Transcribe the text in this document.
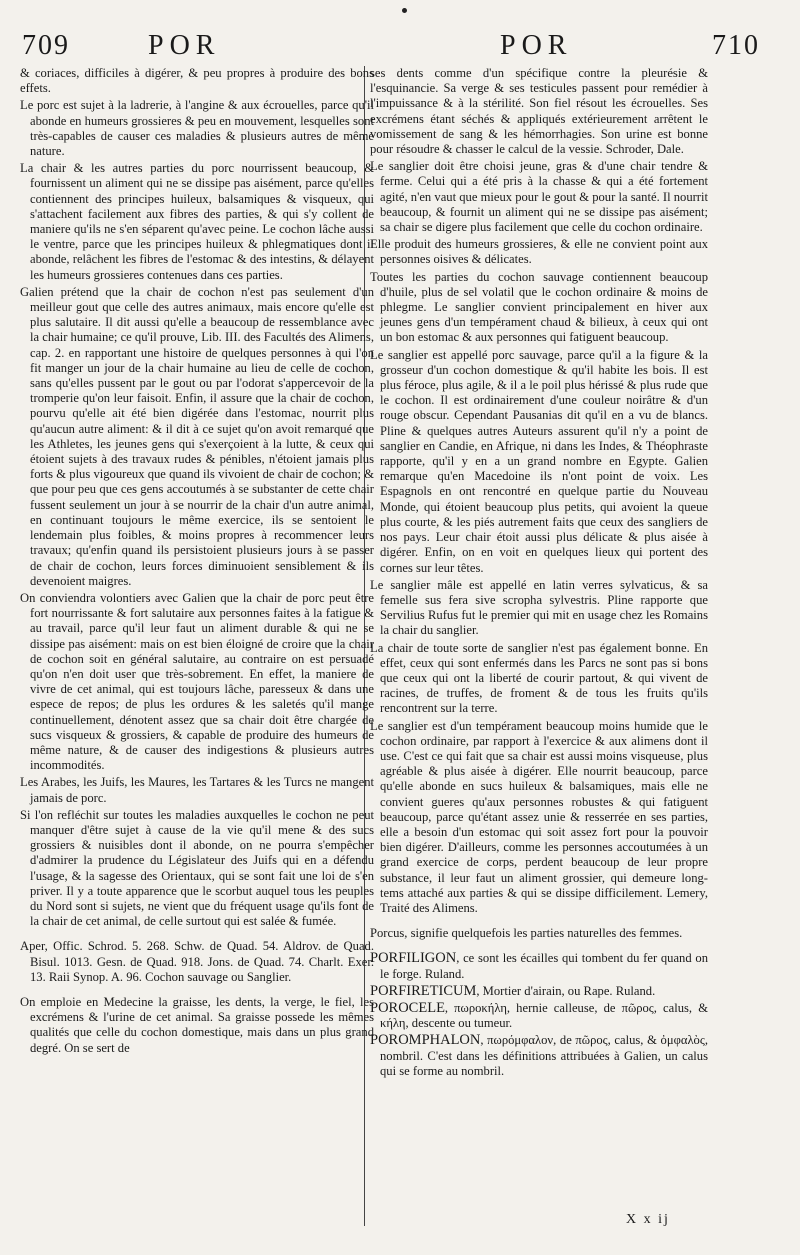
709	POR	POR	710

& coriaces, difficiles à digérer, & peu propres à produire des bons effets.

Le porc est sujet à la ladrerie, à l'angine & aux écrouelles, parce qu'il abonde en humeurs grossieres & peu en mouvement, lesquelles sont très-capables de causer ces maladies & plusieurs autres de même nature.

La chair & les autres parties du porc nourrissent beaucoup, & fournissent un aliment qui ne se dissipe pas aisément, parce qu'elles contiennent des principes huileux, balsamiques & visqueux, qui s'attachent facilement aux fibres des parties, & qui s'y collent de maniere qu'ils ne s'en séparent qu'avec peine. Le cochon lâche aussi le ventre, parce que les principes huileux & phlegmatiques dont il abonde, relâchent les fibres de l'estomac & des intestins, & délayent les humeurs grossieres contenues dans ces parties.

Galien prétend que la chair de cochon n'est pas seulement d'un meilleur gout que celle des autres animaux, mais encore qu'elle est plus salutaire. Il dit aussi qu'elle a beaucoup de ressemblance avec la chair humaine; ce qu'il prouve, Lib. III. des Facultés des Alimens, cap. 2. en rapportant une histoire de quelques personnes à qui l'on fit manger un jour de la chair humaine au lieu de celle de cochon, sans qu'elles pussent par le gout ou par l'odorat s'appercevoir de la tromperie qu'on leur faisoit. Enfin, il assure que la chair de cochon, pourvu qu'elle ait été bien digérée dans l'estomac, nourrit plus qu'aucun autre aliment: & il dit à ce sujet qu'on avoit remarqué que les Athletes, les jeunes gens qui s'exerçoient à la lutte, & ceux qui étoient sujets à des travaux rudes & pénibles, n'étoient jamais plus forts & plus vigoureux que quand ils vivoient de chair de cochon; & que pour peu que ces gens accoutumés à se substanter de cette chair fussent seulement un jour à se nourrir de la chair d'un autre animal, en continuant toujours le même exercice, ils se sentoient le lendemain plus foibles, & moins propres à recommencer leurs travaux; qu'enfin quand ils persistoient plusieurs jours à se passer de chair de cochon, leurs forces diminuoient sensiblement & ils devenoient maigres.

On conviendra volontiers avec Galien que la chair de porc peut être fort nourrissante & fort salutaire aux personnes faites à la fatigue & au travail, parce qu'il leur faut un aliment durable & qui ne se dissipe pas aisément: mais on est bien éloigné de croire que la chair de cochon soit en général salutaire, au contraire on est persuadé qu'on n'en doit user que très-sobrement. En effet, la maniere de vivre de cet animal, qui est toujours lâche, paresseux & dans une espece de repos; de plus les ordures & les saletés qu'il mange continuellement, dénotent assez que sa chair doit être chargée de sucs visqueux & grossiers, & capable de produire des humeurs de même nature, & de causer des indigestions & plusieurs autres incommodités.

Les Arabes, les Juifs, les Maures, les Tartares & les Turcs ne mangent jamais de porc.

Si l'on refléchit sur toutes les maladies auxquelles le cochon ne peut manquer d'être sujet à cause de la vie qu'il mene & des sucs grossiers & nuisibles dont il abonde, on ne pourra s'empêcher d'admirer la prudence du Législateur des Juifs qui en a défendu l'usage, & la sagesse des Orientaux, qui se sont fait une loi de s'en priver. Il y a toute apparence que le scorbut auquel tous les peuples du Nord sont si sujets, ne vient que du fréquent usage qu'ils font de la chair de cet animal, de celle surtout qui est salée & fumée.

Aper, Offic. Schrod. 5. 268. Schw. de Quad. 54. Aldrov. de Quad. Bisul. 1013. Gesn. de Quad. 918. Jons. de Quad. 74. Charlt. Exer. 13. Raii Synop. A. 96. Cochon sauvage ou Sanglier.

On emploie en Medecine la graisse, les dents, la verge, le fiel, les excrémens & l'urine de cet animal. Sa graisse possede les mêmes qualités que celle du cochon domestique, mais dans un plus grand degré. On se sert de

ses dents comme d'un spécifique contre la pleurésie & l'esquinancie. Sa verge & ses testicules passent pour remédier à l'impuissance & à la stérilité. Son fiel résout les écrouelles. Ses excrémens étant séchés & appliqués extérieurement arrêtent le vomissement de sang & les hémorrhagies. Son urine est bonne pour résoudre & chasser le calcul de la vessie. Schroder, Dale.

Le sanglier doit être choisi jeune, gras & d'une chair tendre & ferme. Celui qui a été pris à la chasse & qui a été fortement agité, n'en vaut que mieux pour le gout & pour la santé. Il nourrit beaucoup, & fournit un aliment qui ne se dissipe pas aisément; sa chair se digere plus facilement que celle du cochon ordinaire.

Elle produit des humeurs grossieres, & elle ne convient point aux personnes oisives & délicates.

Toutes les parties du cochon sauvage contiennent beaucoup d'huile, plus de sel volatil que le cochon ordinaire & moins de phlegme. Le sanglier convient principalement en hiver aux jeunes gens d'un tempérament chaud & bilieux, à ceux qui ont un bon estomac & aux personnes qui fatiguent beaucoup.

Le sanglier est appellé porc sauvage, parce qu'il a la figure & la grosseur d'un cochon domestique & qu'il habite les bois. Il est plus féroce, plus agile, & il a le poil plus hérissé & plus rude que le cochon. Il est ordinairement d'une couleur noirâtre & d'un rouge obscur. Cependant Pausanias dit qu'il en a vu de blancs. Pline & quelques autres Auteurs assurent qu'il n'y a point de sanglier en Candie, en Afrique, ni dans les Indes, & Théophraste rapporte, qu'il y en a un grand nombre en Egypte. Galien remarque qu'en Macedoine ils n'ont point de voix. Les Espagnols en ont rencontré en quelque partie du Nouveau Monde, qui étoient beaucoup plus petits, qui avoient la queue plus courte, & les piés autrement faits que ceux des sangliers de nos pays. Leur chair étoit aussi plus délicate & plus aisée à digérer. Enfin, on en voit en quelques lieux qui portent des cornes sur leur têtes.

Le sanglier mâle est appellé en latin verres sylvaticus, & sa femelle sus fera sive scropha sylvestris. Pline rapporte que Servilius Rufus fut le premier qui mit en usage chez les Romains la chair du sanglier.

La chair de toute sorte de sanglier n'est pas également bonne. En effet, ceux qui sont enfermés dans les Parcs ne sont pas si bons que ceux qui ont la liberté de courir partout, & qui vivent de racines, de truffes, de froment & de tous les fruits qu'ils rencontrent sur la terre.

Le sanglier est d'un tempérament beaucoup moins humide que le cochon ordinaire, par rapport à l'exercice & aux alimens dont il use. C'est ce qui fait que sa chair est aussi moins visqueuse, plus agréable & plus aisée à digérer. Elle nourrit beaucoup, parce qu'elle abonde en sucs huileux & balsamiques, mais elle ne convient gueres qu'aux personnes robustes & qui fatiguent beaucoup, parce qu'étant assez unie & resserrée en ses parties, elle a besoin d'un estomac qui soit assez fort pour la pouvoir bien digérer. D'ailleurs, comme les personnes accoutumées à un grand exercice de corps, perdent beaucoup de leur propre substance, il leur faut un aliment grossier, qui demeure long-tems attaché aux parties & qui se dissipe difficilement. Lemery, Traité des Alimens.

Porcus, signifie quelquefois les parties naturelles des femmes.

PORFILIGON, ce sont les écailles qui tombent du fer quand on le forge. Ruland.

PORFIRETICUM, Mortier d'airain, ou Rape. Ruland.

POROCELE, πωροκήλη, hernie calleuse, de πῶρος, calus, & κήλη, descente ou tumeur.

POROMPHALON, πωρόμφαλον, de πῶρος, calus, & ὀμφαλὸς, nombril. C'est dans les définitions attribuées à Galien, un calus qui se forme au nombril.

X x ij
